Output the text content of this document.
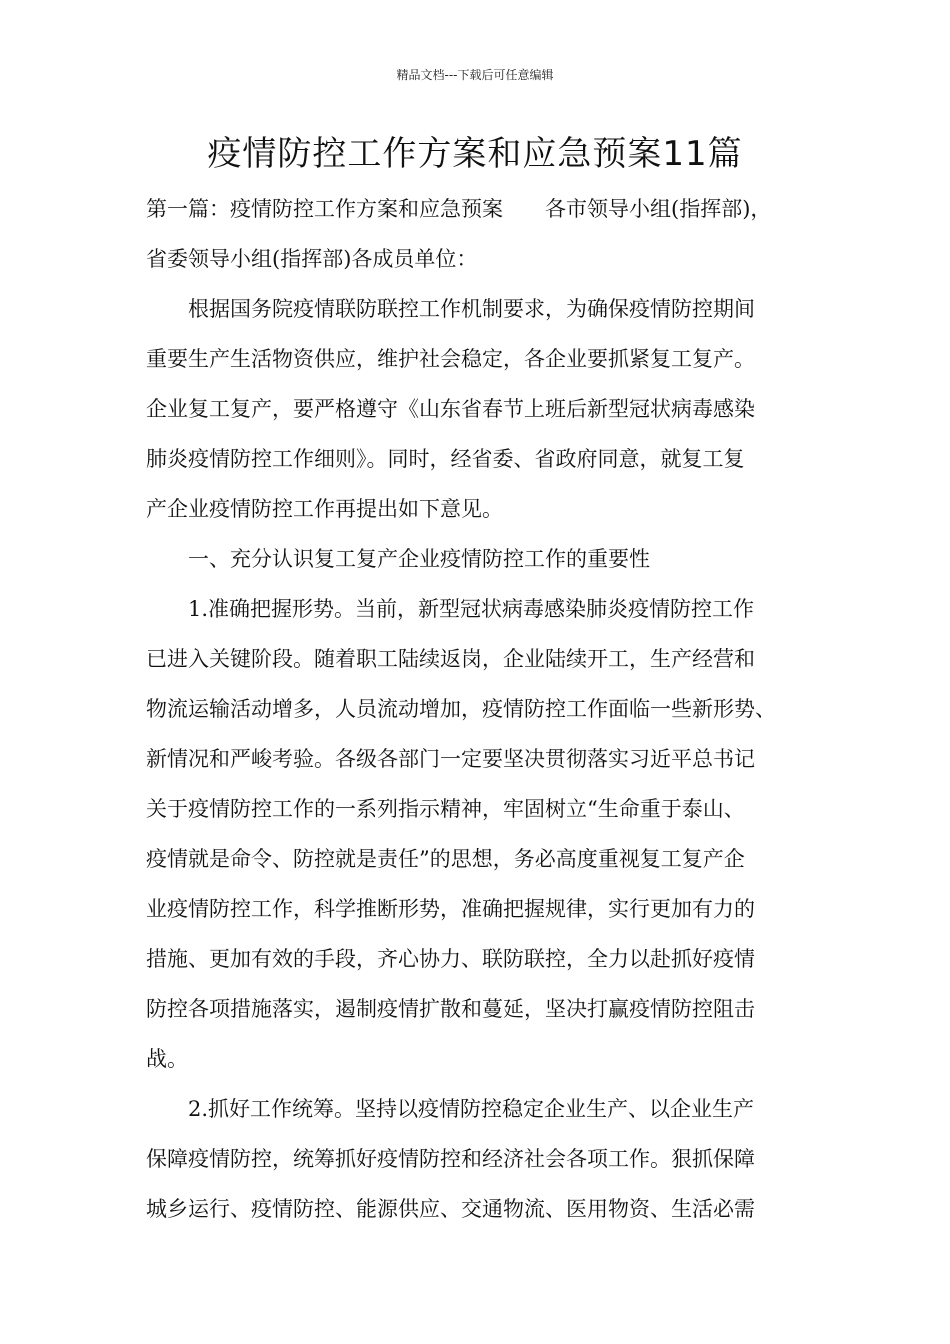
精品文档---下载后可任意编辑
疫情防控工作方案和应急预案11篇
第一篇：疫情防控工作方案和应急预案　　各市领导小组(指挥部)，
省委领导小组(指挥部)各成员单位：
根据国务院疫情联防联控工作机制要求，为确保疫情防控期间
重要生产生活物资供应，维护社会稳定，各企业要抓紧复工复产。
企业复工复产，要严格遵守《山东省春节上班后新型冠状病毒感染
肺炎疫情防控工作细则》。同时，经省委、省政府同意，就复工复
产企业疫情防控工作再提出如下意见。
一、充分认识复工复产企业疫情防控工作的重要性
1.准确把握形势。当前，新型冠状病毒感染肺炎疫情防控工作
已进入关键阶段。随着职工陆续返岗，企业陆续开工，生产经营和
物流运输活动增多，人员流动增加，疫情防控工作面临一些新形势、
新情况和严峻考验。各级各部门一定要坚决贯彻落实习近平总书记
关于疫情防控工作的一系列指示精神，牢固树立“生命重于泰山、
疫情就是命令、防控就是责任”的思想，务必高度重视复工复产企
业疫情防控工作，科学推断形势，准确把握规律，实行更加有力的
措施、更加有效的手段，齐心协力、联防联控，全力以赴抓好疫情
防控各项措施落实，遏制疫情扩散和蔓延，坚决打赢疫情防控阻击
战。
2.抓好工作统筹。坚持以疫情防控稳定企业生产、以企业生产
保障疫情防控，统筹抓好疫情防控和经济社会各项工作。狠抓保障
城乡运行、疫情防控、能源供应、交通物流、医用物资、生活必需
